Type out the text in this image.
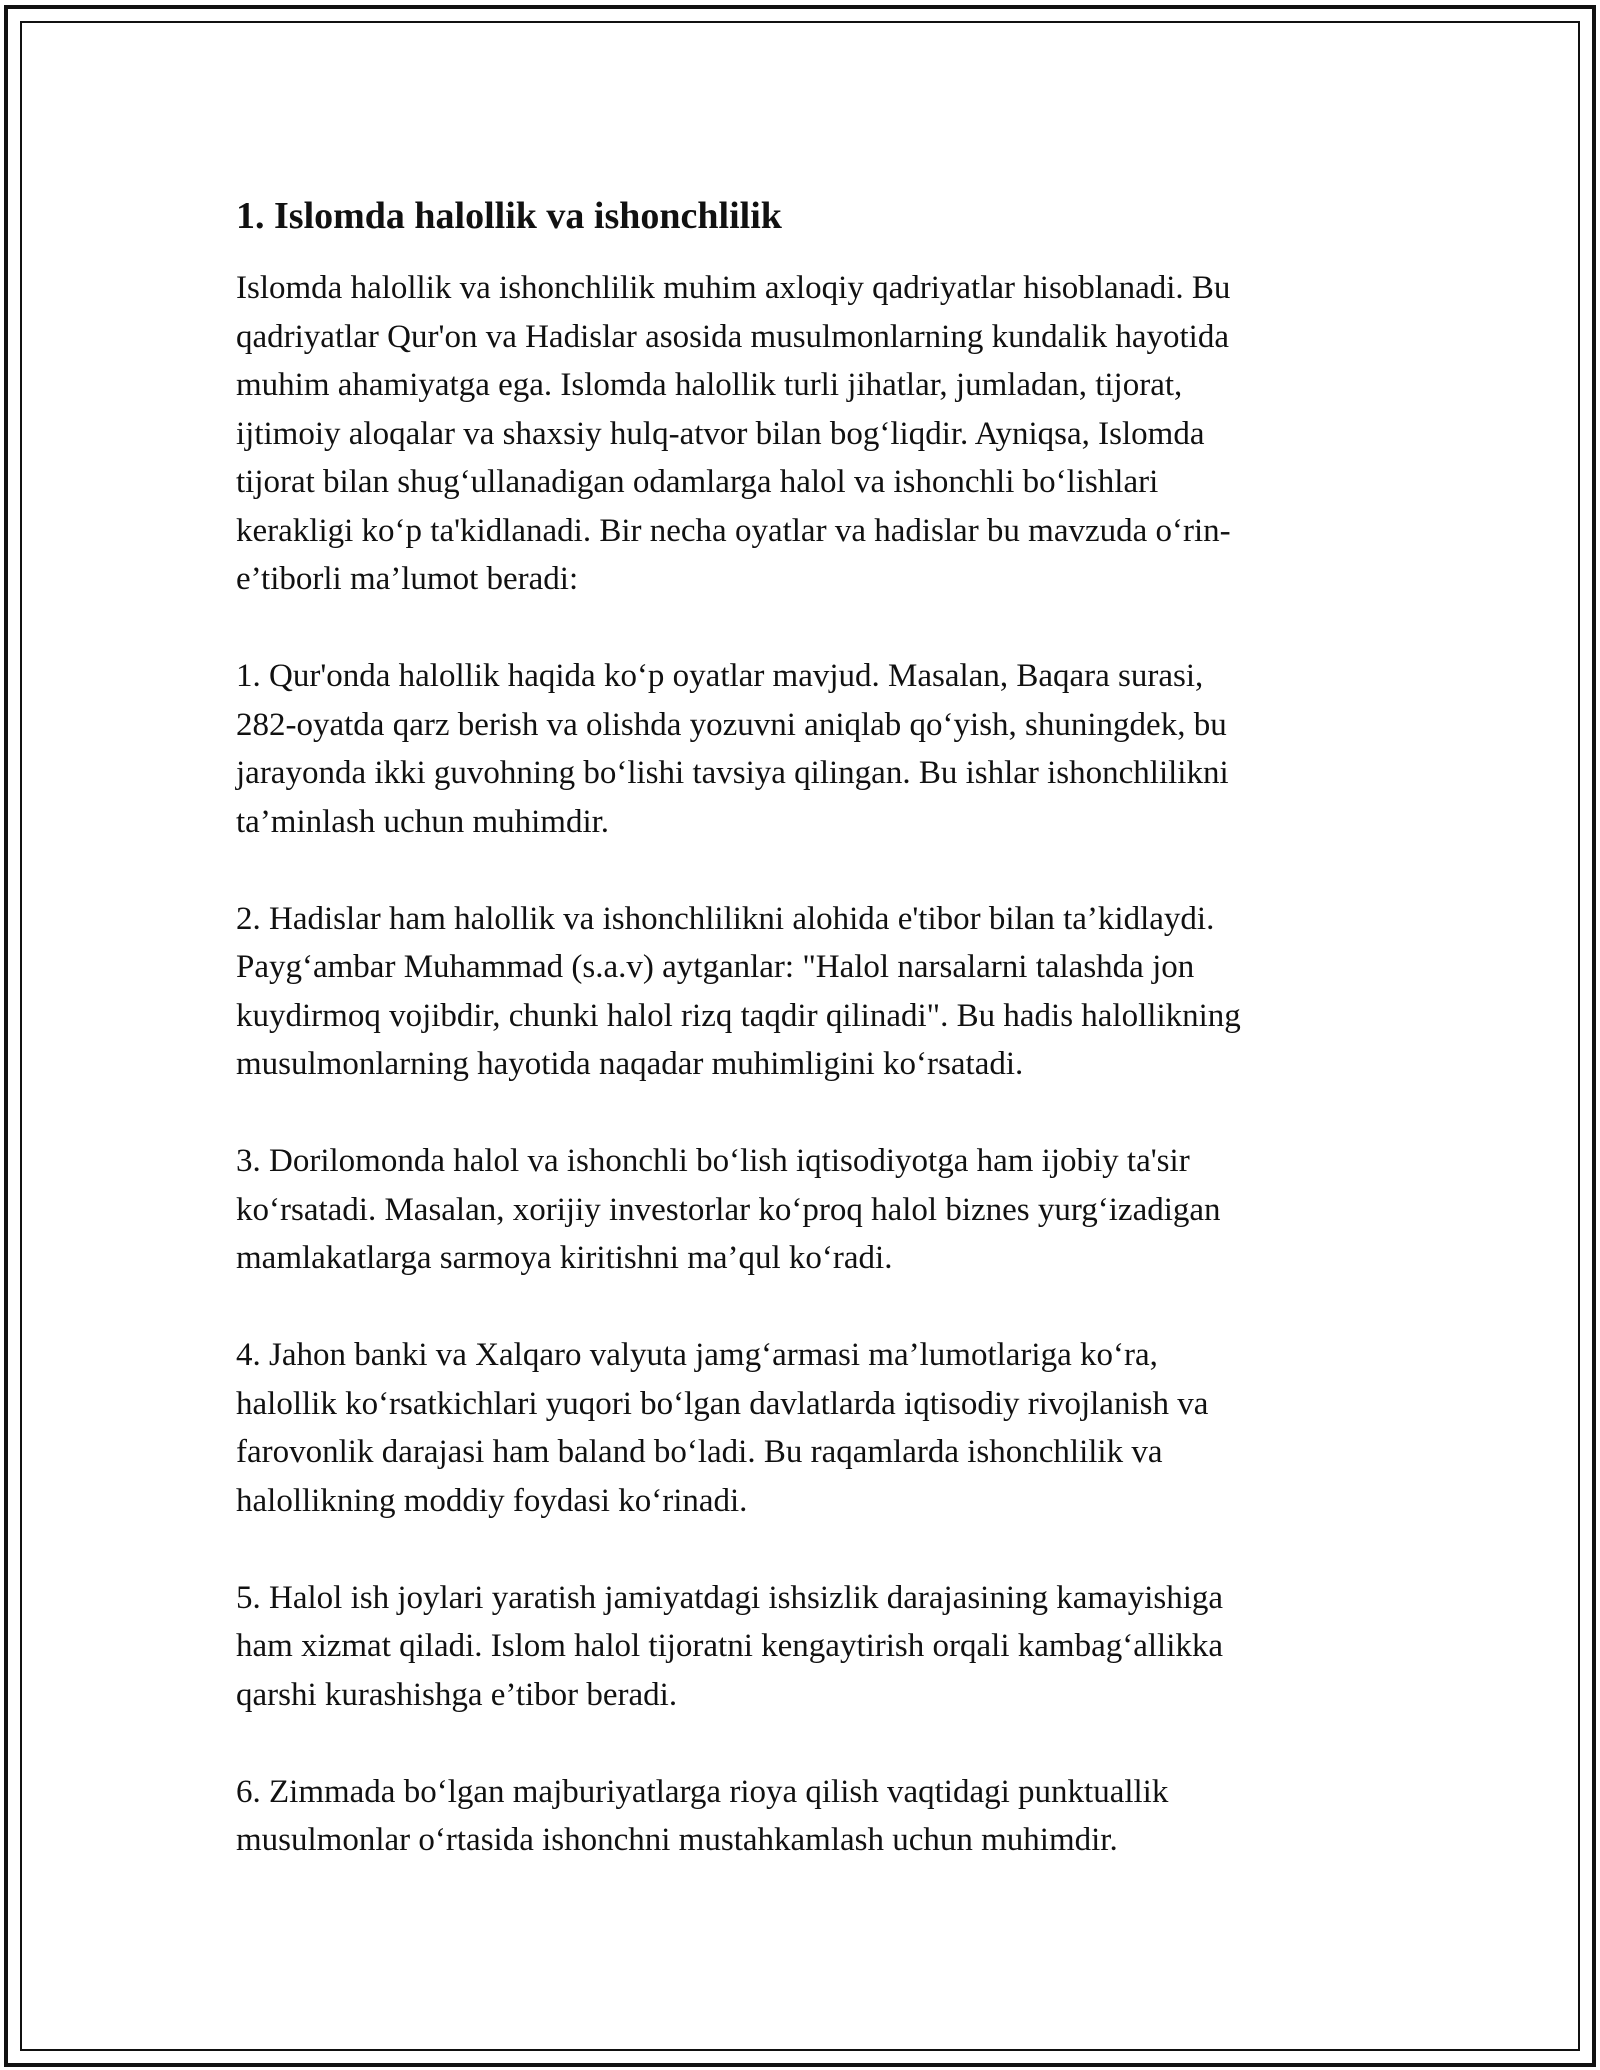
1. Islomda halollik va ishonchlilik

Islomda halollik va ishonchlilik muhim axloqiy qadriyatlar hisoblanadi. Bu
qadriyatlar Qur'on va Hadislar asosida musulmonlarning kundalik hayotida
muhim ahamiyatga ega. Islomda halollik turli jihatlar, jumladan, tijorat,
ijtimoiy aloqalar va shaxsiy hulq-atvor bilan bog‘liqdir. Ayniqsa, Islomda
tijorat bilan shug‘ullanadigan odamlarga halol va ishonchli bo‘lishlari
kerakligi ko‘p ta'kidlanadi. Bir necha oyatlar va hadislar bu mavzuda o‘rin-
e’tiborli ma’lumot beradi:

1. Qur'onda halollik haqida ko‘p oyatlar mavjud. Masalan, Baqara surasi,
282-oyatda qarz berish va olishda yozuvni aniqlab qo‘yish, shuningdek, bu
jarayonda ikki guvohning bo‘lishi tavsiya qilingan. Bu ishlar ishonchlilikni
ta’minlash uchun muhimdir.

2. Hadislar ham halollik va ishonchlilikni alohida e'tibor bilan ta’kidlaydi.
Payg‘ambar Muhammad (s.a.v) aytganlar: "Halol narsalarni talashda jon
kuydirmoq vojibdir, chunki halol rizq taqdir qilinadi". Bu hadis halollikning
musulmonlarning hayotida naqadar muhimligini ko‘rsatadi.

3. Dorilomonda halol va ishonchli bo‘lish iqtisodiyotga ham ijobiy ta'sir
ko‘rsatadi. Masalan, xorijiy investorlar ko‘proq halol biznes yurg‘izadigan
mamlakatlarga sarmoya kiritishni ma’qul ko‘radi.

4. Jahon banki va Xalqaro valyuta jamg‘armasi ma’lumotlariga ko‘ra,
halollik ko‘rsatkichlari yuqori bo‘lgan davlatlarda iqtisodiy rivojlanish va
farovonlik darajasi ham baland bo‘ladi. Bu raqamlarda ishonchlilik va
halollikning moddiy foydasi ko‘rinadi.

5. Halol ish joylari yaratish jamiyatdagi ishsizlik darajasining kamayishiga
ham xizmat qiladi. Islom halol tijoratni kengaytirish orqali kambag‘allikka
qarshi kurashishga e’tibor beradi.

6. Zimmada bo‘lgan majburiyatlarga rioya qilish vaqtidagi punktuallik
musulmonlar o‘rtasida ishonchni mustahkamlash uchun muhimdir.
